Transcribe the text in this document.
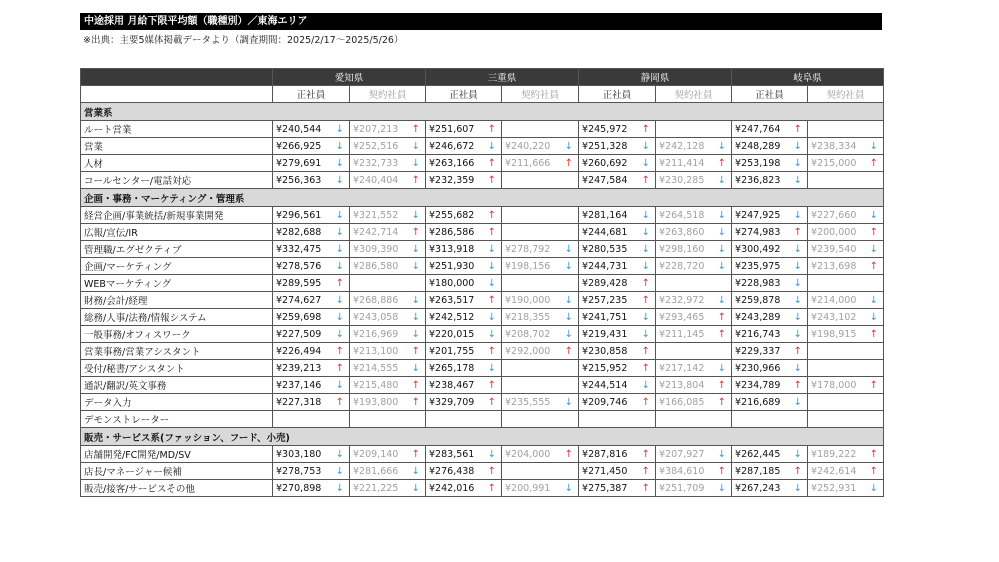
中途採用 月給下限平均額（職種別）／東海エリア
※出典：主要5媒体掲載データより（調査期間：2025/2/17～2025/5/26）
	愛知県		三重県		静岡県		岐阜県	
	正社員	契約社員	正社員	契約社員	正社員	契約社員	正社員	契約社員
営業系								
ルート営業	¥240,544 ↓	¥207,213 ↑	¥251,607 ↑		¥245,972 ↑		¥247,764 ↑	

営業	¥266,925 ↓	¥252,516 ↓	¥246,672 ↓	¥240,220 ↓	¥251,328 ↓	¥242,128 ↓	¥248,289 ↓	¥238,334 ↓

人材	¥279,691 ↓	¥232,733 ↓	¥263,166 ↑	¥211,666 ↑	¥260,692 ↓	¥211,414 ↑	¥253,198 ↓	¥215,000 ↑

コールセンター/電話対応	¥256,363 ↓	¥240,404 ↑	¥232,359 ↑		¥247,584 ↑	¥230,285 ↓	¥236,823 ↓	

企画・事務・マーケティング・管理系								
経営企画/事業統括/新規事業開発	¥296,561 ↓	¥321,552 ↓	¥255,682 ↑		¥281,164 ↓	¥264,518 ↓	¥247,925 ↓	¥227,660 ↓

広報/宣伝/IR	¥282,688 ↓	¥242,714 ↑	¥286,586 ↑		¥244,681 ↓	¥263,860 ↓	¥274,983 ↑	¥200,000 ↑

管理職/エグゼクティブ	¥332,475 ↓	¥309,390 ↓	¥313,918 ↓	¥278,792 ↓	¥280,535 ↓	¥298,160 ↓	¥300,492 ↓	¥239,540 ↓

企画/マーケティング	¥278,576 ↓	¥286,580 ↓	¥251,930 ↓	¥198,156 ↓	¥244,731 ↓	¥228,720 ↓	¥235,975 ↓	¥213,698 ↑

WEBマーケティング	¥289,595 ↑		¥180,000 ↓		¥289,428 ↑		¥228,983 ↓	

財務/会計/経理	¥274,627 ↓	¥268,886 ↓	¥263,517 ↑	¥190,000 ↓	¥257,235 ↑	¥232,972 ↓	¥259,878 ↓	¥214,000 ↓

総務/人事/法務/情報システム	¥259,698 ↓	¥243,058 ↓	¥242,512 ↓	¥218,355 ↓	¥241,751 ↓	¥293,465 ↑	¥243,289 ↓	¥243,102 ↓

一般事務/オフィスワーク	¥227,509 ↓	¥216,969 ↓	¥220,015 ↓	¥208,702 ↓	¥219,431 ↓	¥211,145 ↑	¥216,743 ↓	¥198,915 ↑

営業事務/営業アシスタント	¥226,494 ↑	¥213,100 ↑	¥201,755 ↑	¥292,000 ↑	¥230,858 ↑		¥229,337 ↑	

受付/秘書/アシスタント	¥239,213 ↑	¥214,555 ↓	¥265,178 ↓		¥215,952 ↑	¥217,142 ↓	¥230,966 ↓	

通訳/翻訳/英文事務	¥237,146 ↓	¥215,480 ↑	¥238,467 ↑		¥244,514 ↓	¥213,804 ↑	¥234,789 ↑	¥178,000 ↑

データ入力	¥227,318 ↑	¥193,800 ↑	¥329,709 ↑	¥235,555 ↓	¥209,746 ↑	¥166,085 ↑	¥216,689 ↓	

デモンストレーター								
販売・サービス系(ファッション、フード、小売)								
店舗開発/FC開発/MD/SV	¥303,180 ↓	¥209,140 ↑	¥283,561 ↓	¥204,000 ↑	¥287,816 ↑	¥207,927 ↓	¥262,445 ↓	¥189,222 ↑

店長/マネージャー候補	¥278,753 ↓	¥281,666 ↓	¥276,438 ↑		¥271,450 ↑	¥384,610 ↑	¥287,185 ↑	¥242,614 ↑

販売/接客/サービスその他	¥270,898 ↓	¥221,225 ↓	¥242,016 ↑	¥200,991 ↓	¥275,387 ↑	¥251,709 ↓	¥267,243 ↓	¥252,931 ↓
